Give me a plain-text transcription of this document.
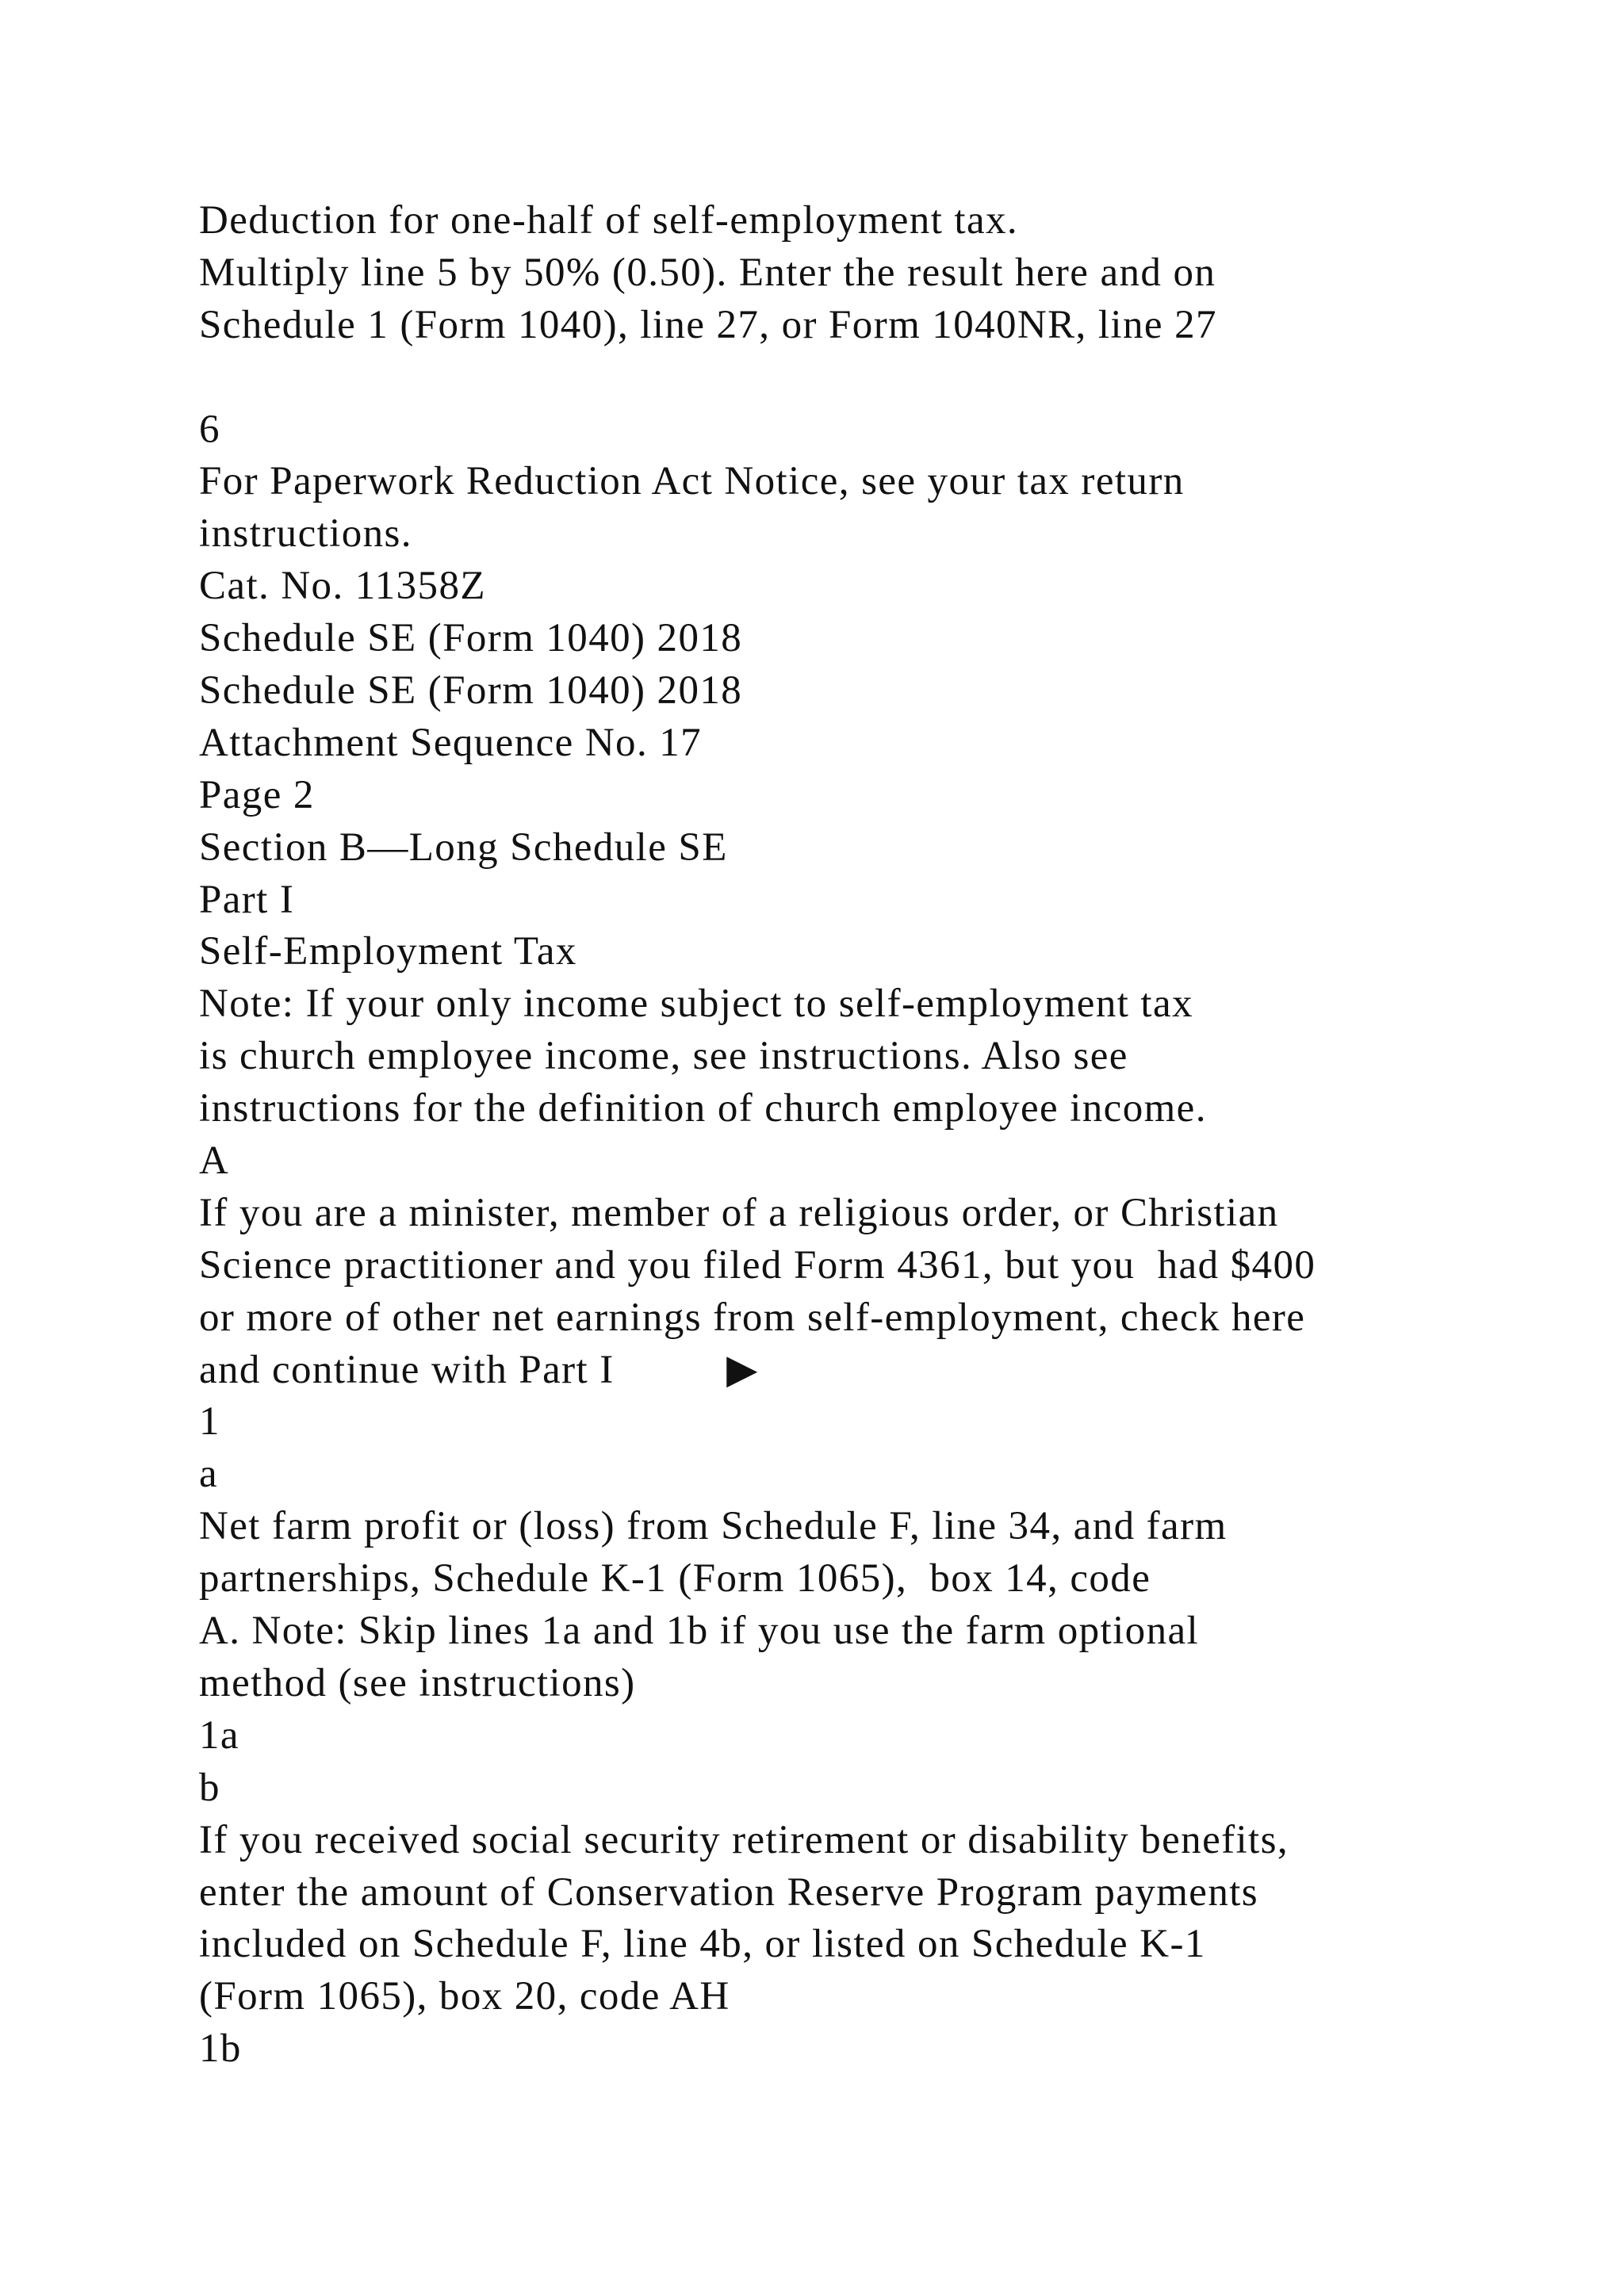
Deduction for one-half of self-employment tax.
Multiply line 5 by 50% (0.50). Enter the result here and on
Schedule 1 (Form 1040), line 27, or Form 1040NR, line 27
6
For Paperwork Reduction Act Notice, see your tax return
instructions.
Cat. No. 11358Z
Schedule SE (Form 1040) 2018
Schedule SE (Form 1040) 2018
Attachment Sequence No. 17
Page 2
Section B—Long Schedule SE
Part I
Self-Employment Tax
Note: If your only income subject to self-employment tax
is church employee income, see instructions. Also see
instructions for the definition of church employee income.
A
If you are a minister, member of a religious order, or Christian
Science practitioner and you filed Form 4361, but you  had $400
or more of other net earnings from self-employment, check here
and continue with Part I          ▶
1
a
Net farm profit or (loss) from Schedule F, line 34, and farm
partnerships, Schedule K-1 (Form 1065),  box 14, code
A. Note: Skip lines 1a and 1b if you use the farm optional
method (see instructions)
1a
b
If you received social security retirement or disability benefits,
enter the amount of Conservation Reserve Program payments
included on Schedule F, line 4b, or listed on Schedule K-1
(Form 1065), box 20, code AH
1b
